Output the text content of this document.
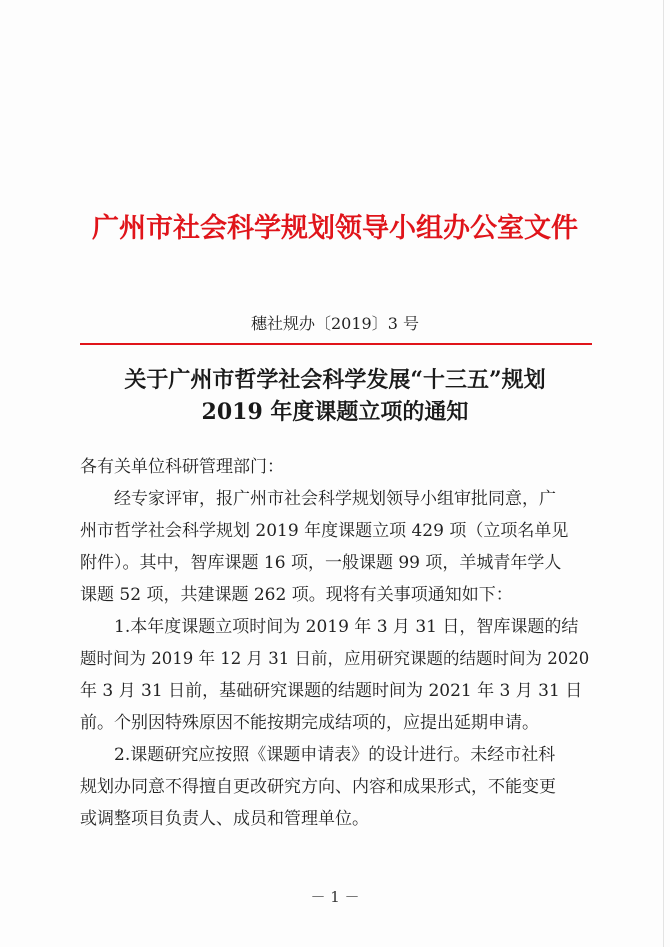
广州市社会科学规划领导小组办公室文件
穗社规办〔2019〕3 号
关于广州市哲学社会科学发展“十三五”规划
2019 年度课题立项的通知
各有关单位科研管理部门：
　　经专家评审，报广州市社会科学规划领导小组审批同意，广
州市哲学社会科学规划 2019 年度课题立项 429 项（立项名单见
附件）。其中，智库课题 16 项，一般课题 99 项，羊城青年学人
课题 52 项，共建课题 262 项。现将有关事项通知如下：
　　1.本年度课题立项时间为 2019 年 3 月 31 日，智库课题的结
题时间为 2019 年 12 月 31 日前，应用研究课题的结题时间为 2020
年 3 月 31 日前，基础研究课题的结题时间为 2021 年 3 月 31 日
前。个别因特殊原因不能按期完成结项的，应提出延期申请。
　　2.课题研究应按照《课题申请表》的设计进行。未经市社科
规划办同意不得擅自更改研究方向、内容和成果形式，不能变更
或调整项目负责人、成员和管理单位。
－ 1 －
